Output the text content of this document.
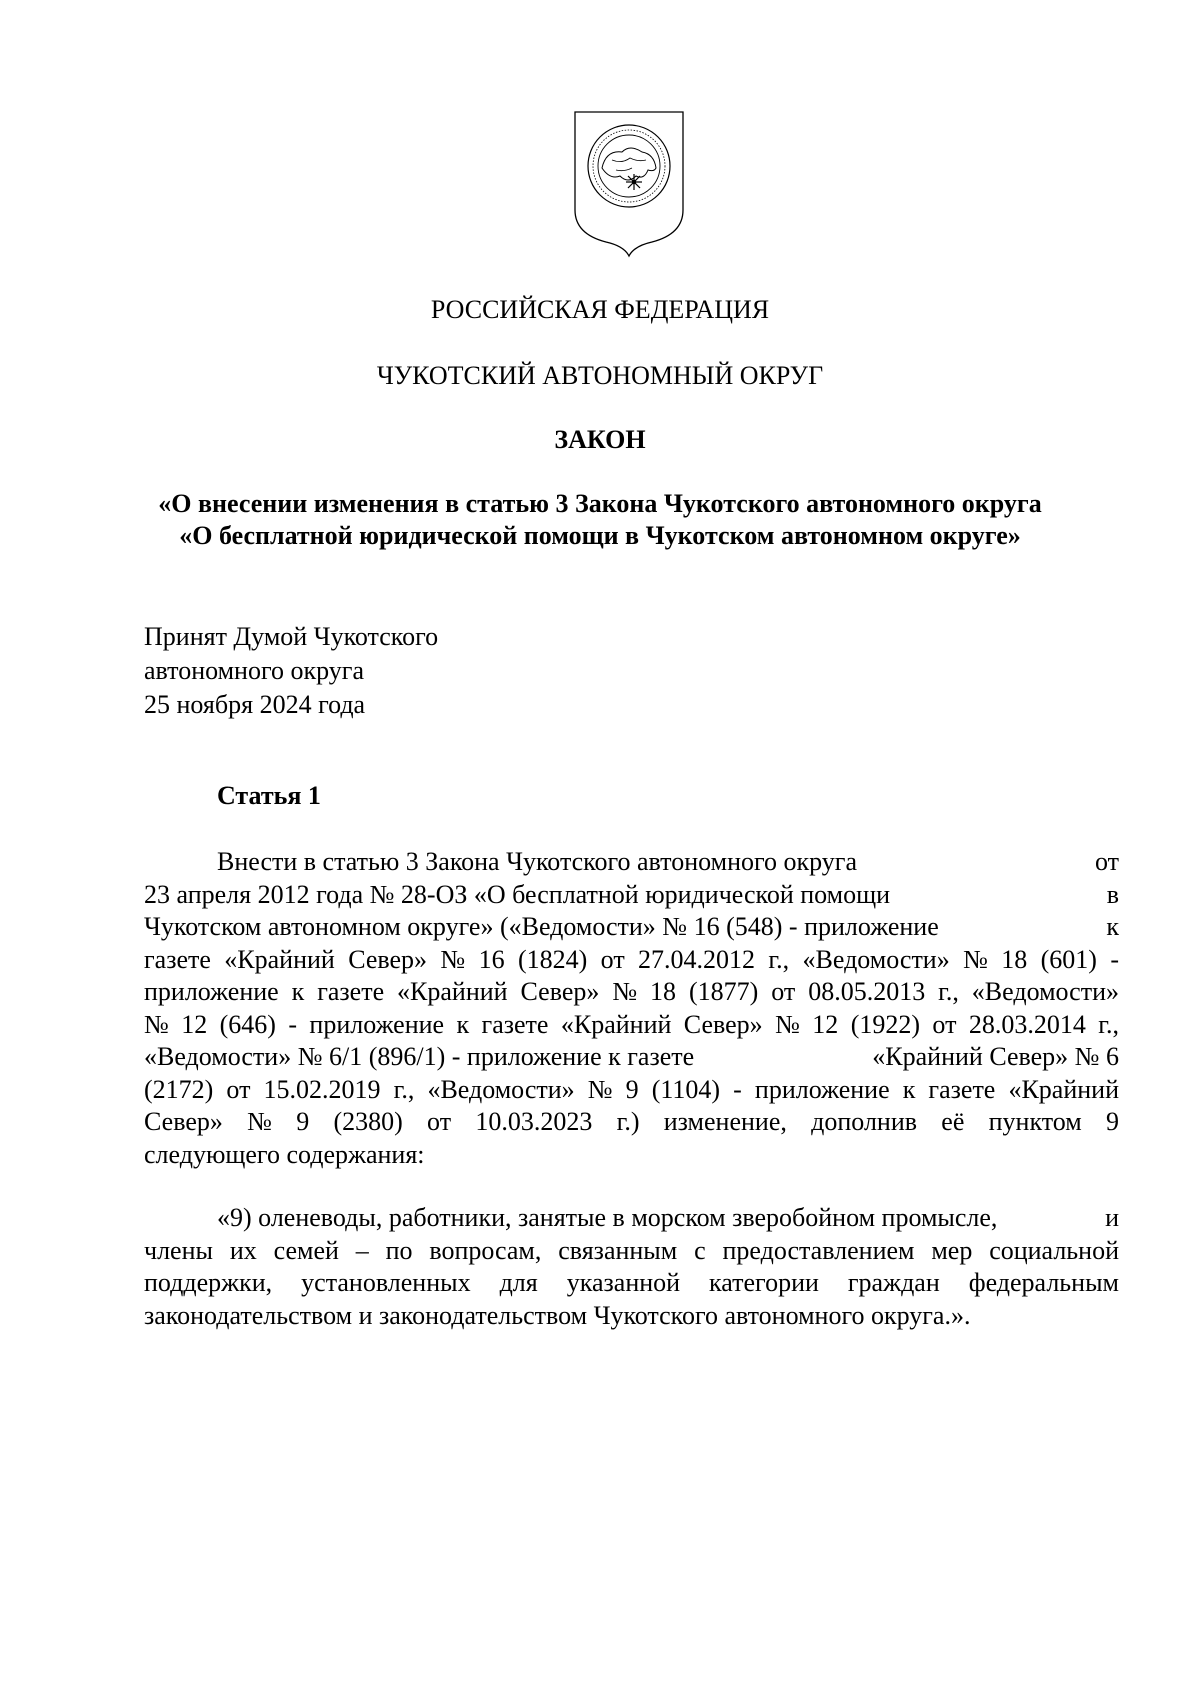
РОССИЙСКАЯ ФЕДЕРАЦИЯ
ЧУКОТСКИЙ АВТОНОМНЫЙ ОКРУГ
ЗАКОН
«О внесении изменения в статью 3 Закона Чукотского автономного округа
«О бесплатной юридической помощи в Чукотском автономном округе»
Принят Думой Чукотского
автономного округа
25 ноября 2024 года
Статья 1
Внести в статью 3 Закона Чукотского автономного округа	от
23 апреля 2012 года № 28-ОЗ «О бесплатной юридической помощи	в
Чукотском автономном округе» («Ведомости» № 16 (548) - приложение	к
газете «Крайний Север» № 16 (1824) от 27.04.2012 г., «Ведомости» № 18 (601) -
приложение к газете «Крайний Север» № 18 (1877) от 08.05.2013 г., «Ведомости»
№ 12 (646) - приложение к газете «Крайний Север» № 12 (1922) от 28.03.2014 г.,
«Ведомости» № 6/1 (896/1) - приложение к газете	«Крайний Север» № 6
(2172) от 15.02.2019 г., «Ведомости» № 9 (1104) - приложение к газете «Крайний
Север» № 9 (2380) от 10.03.2023 г.) изменение, дополнив её пунктом 9
следующего содержания:
«9) оленеводы, работники, занятые в морском зверобойном промысле,	и
члены их семей – по вопросам, связанным с предоставлением мер социальной
поддержки, установленных для указанной категории граждан федеральным
законодательством и законодательством Чукотского автономного округа.».
